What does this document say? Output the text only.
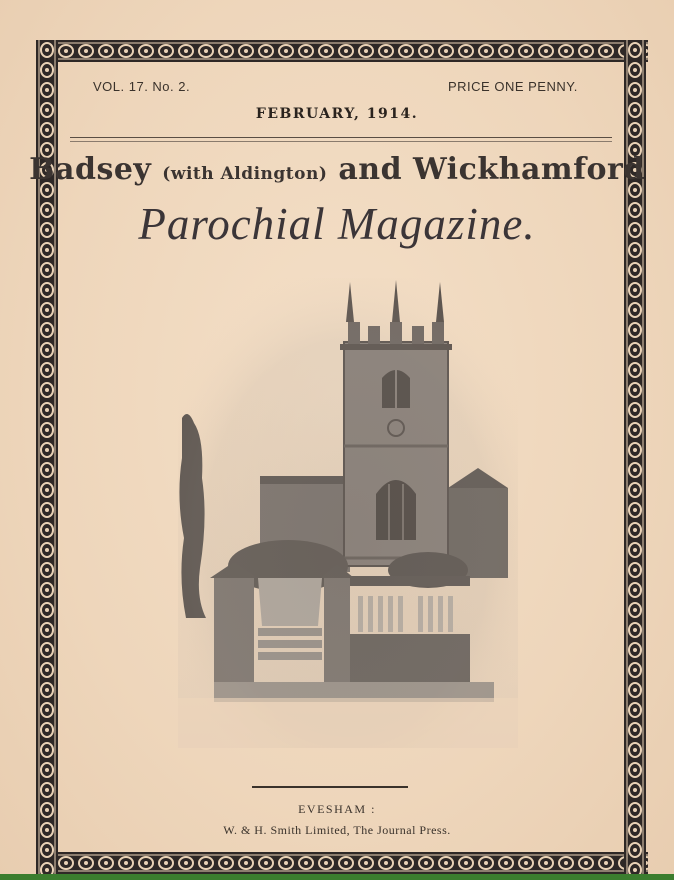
VOL. 17. No. 2.	PRICE ONE PENNY.
FEBRUARY, 1914.
Badsey (with Aldington) and Wickhamford
Parochial Magazine.
EVESHAM :
W. & H. Smith Limited, The Journal Press.
